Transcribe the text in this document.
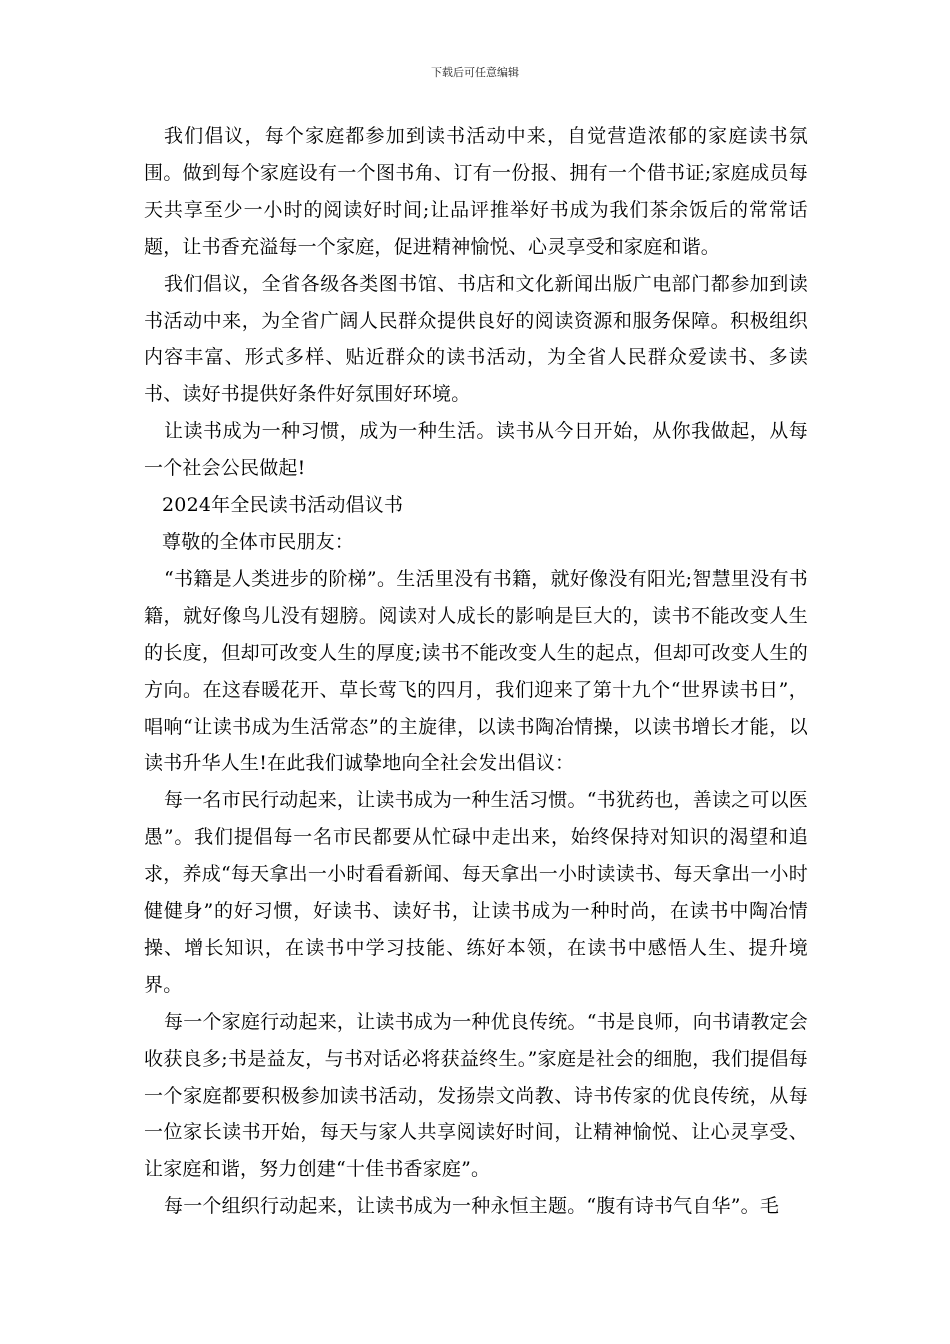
下载后可任意编辑

我们倡议，每个家庭都参加到读书活动中来，自觉营造浓郁的家庭读书氛围。做到每个家庭设有一个图书角、订有一份报、拥有一个借书证;家庭成员每天共享至少一小时的阅读好时间;让品评推举好书成为我们茶余饭后的常常话题，让书香充溢每一个家庭，促进精神愉悦、心灵享受和家庭和谐。

我们倡议，全省各级各类图书馆、书店和文化新闻出版广电部门都参加到读书活动中来，为全省广阔人民群众提供良好的阅读资源和服务保障。积极组织内容丰富、形式多样、贴近群众的读书活动，为全省人民群众爱读书、多读书、读好书提供好条件好氛围好环境。

让读书成为一种习惯，成为一种生活。读书从今日开始，从你我做起，从每一个社会公民做起!

2024年全民读书活动倡议书

尊敬的全体市民朋友：

“书籍是人类进步的阶梯”。生活里没有书籍，就好像没有阳光;智慧里没有书籍，就好像鸟儿没有翅膀。阅读对人成长的影响是巨大的，读书不能改变人生的长度，但却可改变人生的厚度;读书不能改变人生的起点，但却可改变人生的方向。在这春暖花开、草长莺飞的四月，我们迎来了第十九个“世界读书日”，唱响“让读书成为生活常态”的主旋律，以读书陶冶情操，以读书增长才能，以读书升华人生!在此我们诚挚地向全社会发出倡议：

每一名市民行动起来，让读书成为一种生活习惯。“书犹药也，善读之可以医愚”。我们提倡每一名市民都要从忙碌中走出来，始终保持对知识的渴望和追求，养成“每天拿出一小时看看新闻、每天拿出一小时读读书、每天拿出一小时健健身”的好习惯，好读书、读好书，让读书成为一种时尚，在读书中陶冶情操、增长知识，在读书中学习技能、练好本领，在读书中感悟人生、提升境界。

每一个家庭行动起来，让读书成为一种优良传统。“书是良师，向书请教定会收获良多;书是益友，与书对话必将获益终生。”家庭是社会的细胞，我们提倡每一个家庭都要积极参加读书活动，发扬崇文尚教、诗书传家的优良传统，从每一位家长读书开始，每天与家人共享阅读好时间，让精神愉悦、让心灵享受、让家庭和谐，努力创建“十佳书香家庭”。

每一个组织行动起来，让读书成为一种永恒主题。“腹有诗书气自华”。毛
